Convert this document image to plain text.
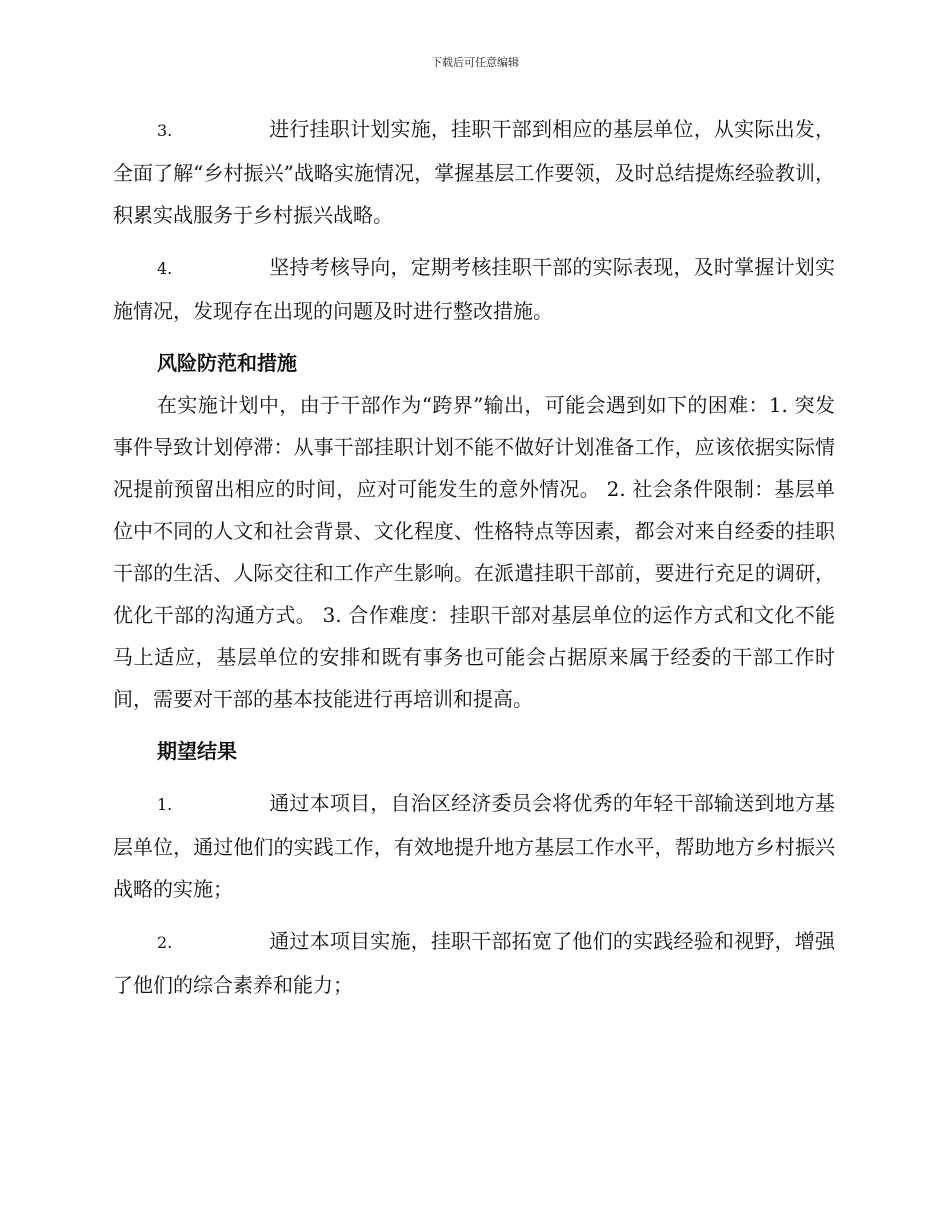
下载后可任意编辑

3.	进行挂职计划实施，挂职干部到相应的基层单位，从实际出发，全面了解“乡村振兴”战略实施情况，掌握基层工作要领，及时总结提炼经验教训，积累实战服务于乡村振兴战略。

4.	坚持考核导向，定期考核挂职干部的实际表现，及时掌握计划实施情况，发现存在出现的问题及时进行整改措施。

风险防范和措施

在实施计划中，由于干部作为“跨界”输出，可能会遇到如下的困难：1. 突发事件导致计划停滞：从事干部挂职计划不能不做好计划准备工作，应该依据实际情况提前预留出相应的时间，应对可能发生的意外情况。 2. 社会条件限制：基层单位中不同的人文和社会背景、文化程度、性格特点等因素，都会对来自经委的挂职干部的生活、人际交往和工作产生影响。在派遣挂职干部前，要进行充足的调研，优化干部的沟通方式。 3. 合作难度：挂职干部对基层单位的运作方式和文化不能马上适应，基层单位的安排和既有事务也可能会占据原来属于经委的干部工作时间，需要对干部的基本技能进行再培训和提高。

期望结果

1.	通过本项目，自治区经济委员会将优秀的年轻干部输送到地方基层单位，通过他们的实践工作，有效地提升地方基层工作水平，帮助地方乡村振兴战略的实施；

2.	通过本项目实施，挂职干部拓宽了他们的实践经验和视野，增强了他们的综合素养和能力；
